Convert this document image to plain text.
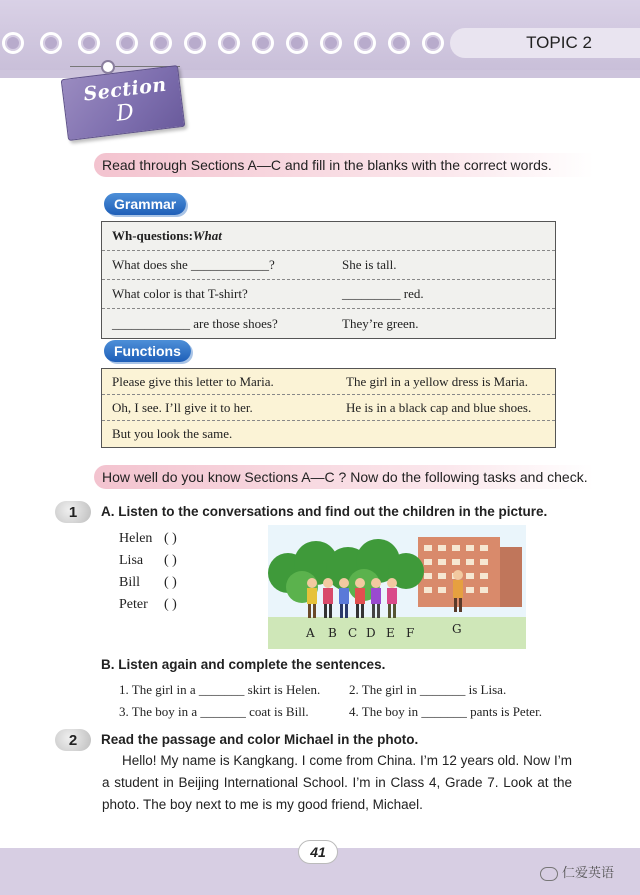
TOPIC 2
Section
D
Read through Sections A—C and fill in the blanks with the correct words.
Grammar
Wh-questions: What
What does she ____________?	She is tall.
What color is that T-shirt?	_________ red.
____________ are those shoes?	They’re green.
Functions
Please give this letter to Maria.	The girl in a yellow dress is Maria.
Oh, I see. I’ll give it to her.	He is in a black cap and blue shoes.
But you look the same.
How well do you know Sections A—C ? Now do the following tasks and check.
1	A. Listen to the conversations and find out the children in the picture.
Helen ( )
Lisa ( )
Bill ( )
Peter ( )
A B C D E F	G
B. Listen again and complete the sentences.
1. The girl in a _______ skirt is Helen. 2. The girl in _______ is Lisa.
3. The boy in a _______ coat is Bill.	4. The boy in _______ pants is Peter.
2	Read the passage and color Michael in the photo.
Hello! My name is Kangkang. I come from China. I’m 12 years old. Now I’m a student in Beijing International School. I’m in Class 4, Grade 7. Look at the photo. The boy next to me is my good friend, Michael.
41
仁爱英语
